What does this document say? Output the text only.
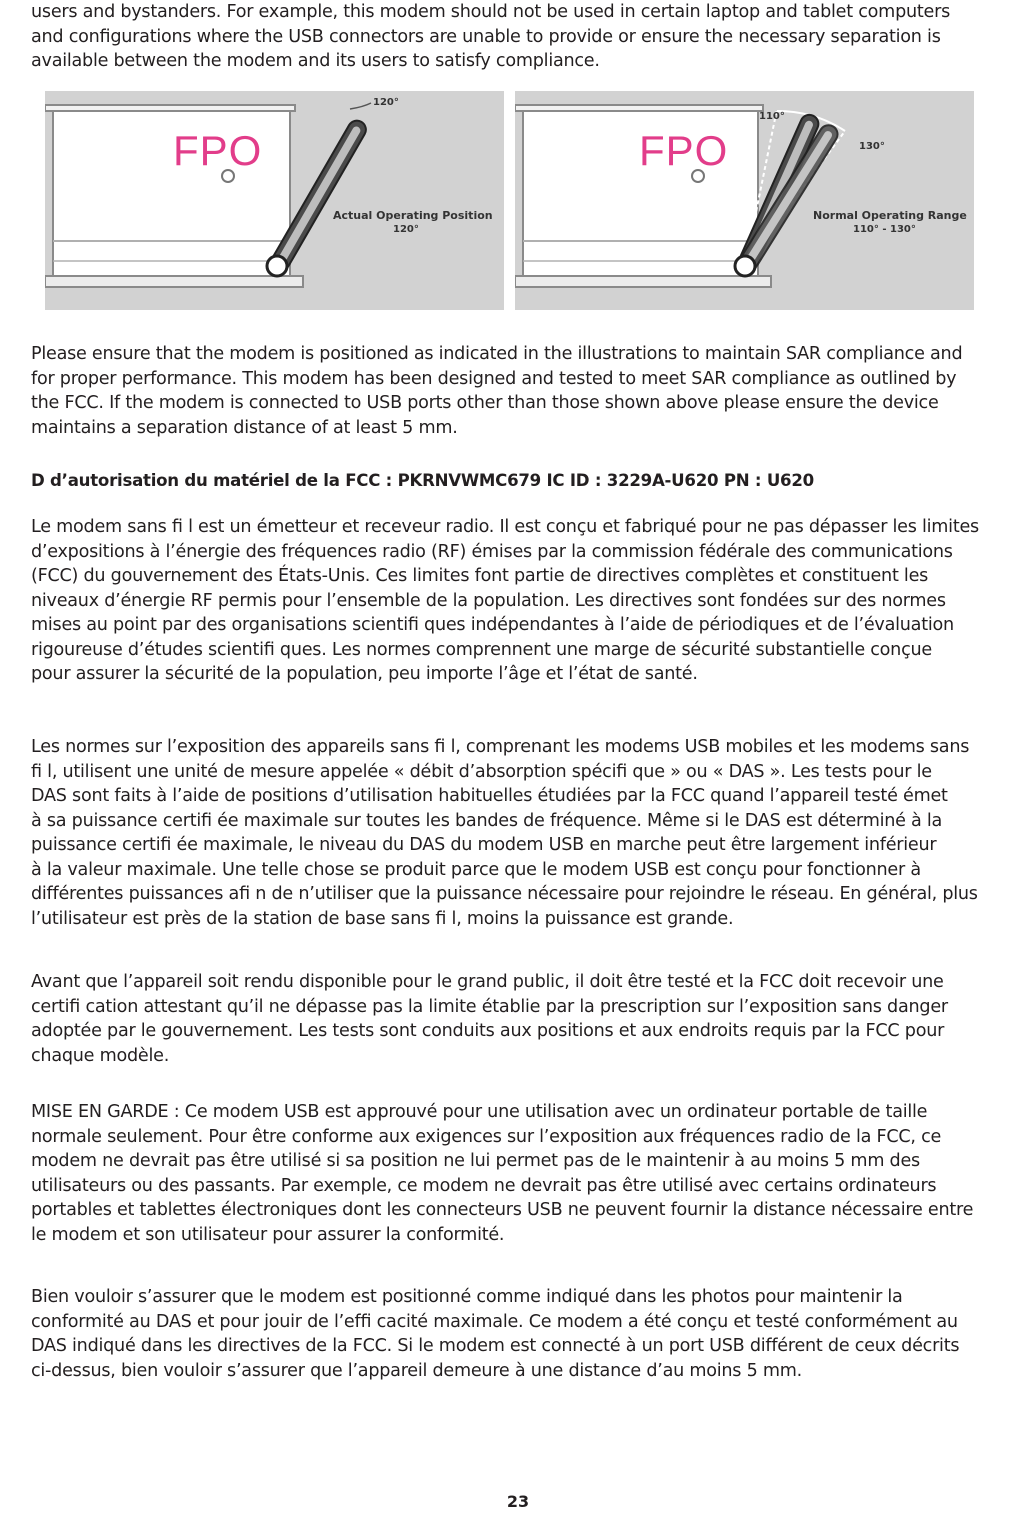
users and bystanders. For example, this modem should not be used in certain laptop and tablet computers
and conﬁgurations where the USB connectors are unable to provide or ensure the necessary separation is
available between the modem and its users to satisfy compliance.

FPO
120°
Actual Operating Position
120°
FPO
110°
130°
Normal Operating Range
110° - 130°

Please ensure that the modem is positioned as indicated in the illustrations to maintain SAR compliance and
for proper performance. This modem has been designed and tested to meet SAR compliance as outlined by
the FCC. If the modem is connected to USB ports other than those shown above please ensure the device
maintains a separation distance of at least 5 mm.

D d’autorisation du matériel de la FCC : PKRNVWMC679 IC ID : 3229A-U620 PN : U620

Le modem sans ﬁ l est un émetteur et receveur radio. Il est conçu et fabriqué pour ne pas dépasser les limites
d’expositions à l’énergie des fréquences radio (RF) émises par la commission fédérale des communications
(FCC) du gouvernement des États-Unis. Ces limites font partie de directives complètes et constituent les
niveaux d’énergie RF permis pour l’ensemble de la population. Les directives sont fondées sur des normes
mises au point par des organisations scientiﬁ ques indépendantes à l’aide de périodiques et de l’évaluation
rigoureuse d’études scientiﬁ ques. Les normes comprennent une marge de sécurité substantielle conçue
pour assurer la sécurité de la population, peu importe l’âge et l’état de santé.

Les normes sur l’exposition des appareils sans ﬁ l, comprenant les modems USB mobiles et les modems sans
ﬁ l, utilisent une unité de mesure appelée « débit d’absorption spéciﬁ que » ou « DAS ». Les tests pour le
DAS sont faits à l’aide de positions d’utilisation habituelles étudiées par la FCC quand l’appareil testé émet
à sa puissance certiﬁ ée maximale sur toutes les bandes de fréquence. Même si le DAS est déterminé à la
puissance certiﬁ ée maximale, le niveau du DAS du modem USB en marche peut être largement inférieur
à la valeur maximale. Une telle chose se produit parce que le modem USB est conçu pour fonctionner à
différentes puissances aﬁ n de n’utiliser que la puissance nécessaire pour rejoindre le réseau. En général, plus
l’utilisateur est près de la station de base sans ﬁ l, moins la puissance est grande.

Avant que l’appareil soit rendu disponible pour le grand public, il doit être testé et la FCC doit recevoir une
certiﬁ cation attestant qu’il ne dépasse pas la limite établie par la prescription sur l’exposition sans danger
adoptée par le gouvernement. Les tests sont conduits aux positions et aux endroits requis par la FCC pour
chaque modèle.

MISE EN GARDE : Ce modem USB est approuvé pour une utilisation avec un ordinateur portable de taille
normale seulement. Pour être conforme aux exigences sur l’exposition aux fréquences radio de la FCC, ce
modem ne devrait pas être utilisé si sa position ne lui permet pas de le maintenir à au moins 5 mm des
utilisateurs ou des passants. Par exemple, ce modem ne devrait pas être utilisé avec certains ordinateurs
portables et tablettes électroniques dont les connecteurs USB ne peuvent fournir la distance nécessaire entre
le modem et son utilisateur pour assurer la conformité.

Bien vouloir s’assurer que le modem est positionné comme indiqué dans les photos pour maintenir la
conformité au DAS et pour jouir de l’efﬁ cacité maximale. Ce modem a été conçu et testé conformément au
DAS indiqué dans les directives de la FCC. Si le modem est connecté à un port USB différent de ceux décrits
ci-dessus, bien vouloir s’assurer que l’appareil demeure à une distance d’au moins 5 mm.

23
